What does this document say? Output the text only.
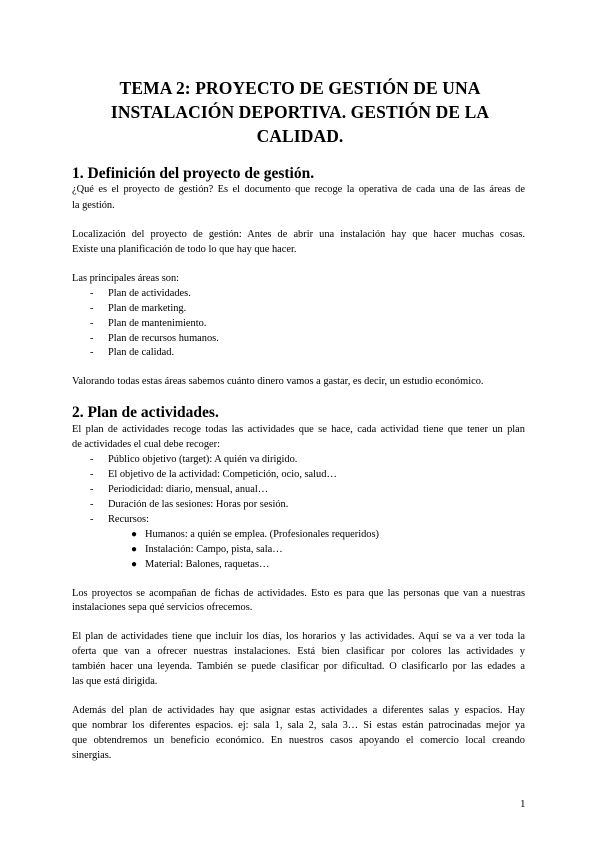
TEMA 2: PROYECTO DE GESTIÓN DE UNA
INSTALACIÓN DEPORTIVA. GESTIÓN DE LA
CALIDAD.
1. Definición del proyecto de gestión.
¿Qué es el proyecto de gestión? Es el documento que recoge la operativa de cada una de las áreas de
la gestión.
Localización del proyecto de gestión: Antes de abrir una instalación hay que hacer muchas cosas.
Existe una planificación de todo lo que hay que hacer.
Las principales áreas son:
- Plan de actividades.
- Plan de marketing.
- Plan de mantenimiento.
- Plan de recursos humanos.
- Plan de calidad.
Valorando todas estas áreas sabemos cuánto dinero vamos a gastar, es decir, un estudio económico.
2. Plan de actividades.
El plan de actividades recoge todas las actividades que se hace, cada actividad tiene que tener un plan
de actividades el cual debe recoger:
- Público objetivo (target): A quién va dirigido.
- El objetivo de la actividad: Competición, ocio, salud…
- Periodicidad: diario, mensual, anual…
- Duración de las sesiones: Horas por sesión.
- Recursos:
● Humanos: a quién se emplea. (Profesionales requeridos)
● Instalación: Campo, pista, sala…
● Material: Balones, raquetas…
Los proyectos se acompañan de fichas de actividades. Esto es para que las personas que van a nuestras
instalaciones sepa qué servicios ofrecemos.
El plan de actividades tiene que incluir los días, los horarios y las actividades. Aquí se va a ver toda la
oferta que van a ofrecer nuestras instalaciones. Está bien clasificar por colores las actividades y
también hacer una leyenda. También se puede clasificar por dificultad. O clasificarlo por las edades a
las que está dirigida.
Además del plan de actividades hay que asignar estas actividades a diferentes salas y espacios. Hay
que nombrar los diferentes espacios. ej: sala 1, sala 2, sala 3… Si estas están patrocinadas mejor ya
que obtendremos un beneficio económico. En nuestros casos apoyando el comercio local creando
sinergias.
1
